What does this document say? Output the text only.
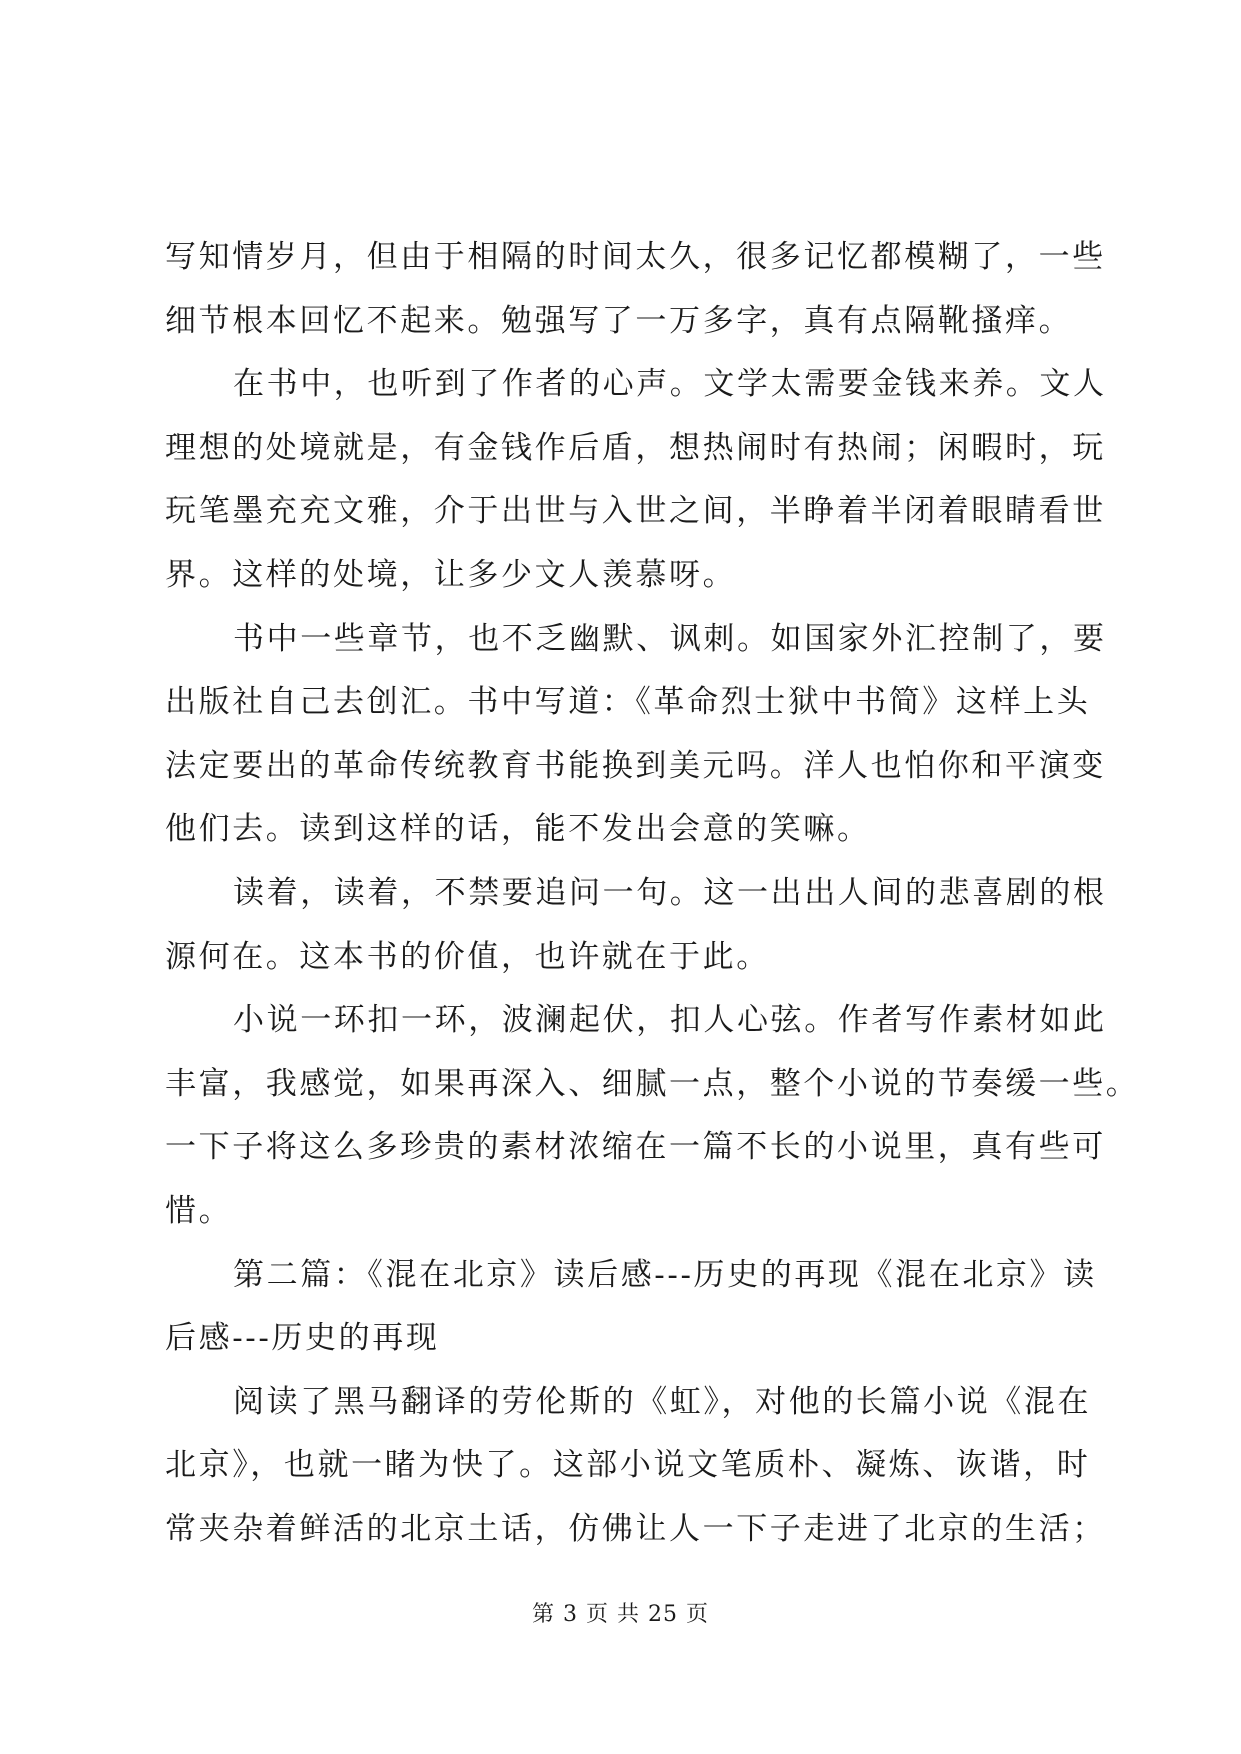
写知情岁月，但由于相隔的时间太久，很多记忆都模糊了，一些
细节根本回忆不起来。勉强写了一万多字，真有点隔靴搔痒。
在书中，也听到了作者的心声。文学太需要金钱来养。文人
理想的处境就是，有金钱作后盾，想热闹时有热闹；闲暇时，玩
玩笔墨充充文雅，介于出世与入世之间，半睁着半闭着眼睛看世
界。这样的处境，让多少文人羡慕呀。
书中一些章节，也不乏幽默、讽刺。如国家外汇控制了，要
出版社自己去创汇。书中写道：《革命烈士狱中书简》这样上头
法定要出的革命传统教育书能换到美元吗。洋人也怕你和平演变
他们去。读到这样的话，能不发出会意的笑嘛。
读着，读着，不禁要追问一句。这一出出人间的悲喜剧的根
源何在。这本书的价值，也许就在于此。
小说一环扣一环，波澜起伏，扣人心弦。作者写作素材如此
丰富，我感觉，如果再深入、细腻一点，整个小说的节奏缓一些。
一下子将这么多珍贵的素材浓缩在一篇不长的小说里，真有些可
惜。
第二篇：《混在北京》读后感---历史的再现《混在北京》读
后感---历史的再现
阅读了黑马翻译的劳伦斯的《虹》，对他的长篇小说《混在
北京》，也就一睹为快了。这部小说文笔质朴、凝炼、诙谐，时
常夹杂着鲜活的北京土话，仿佛让人一下子走进了北京的生活；
第 3 页 共 25 页
